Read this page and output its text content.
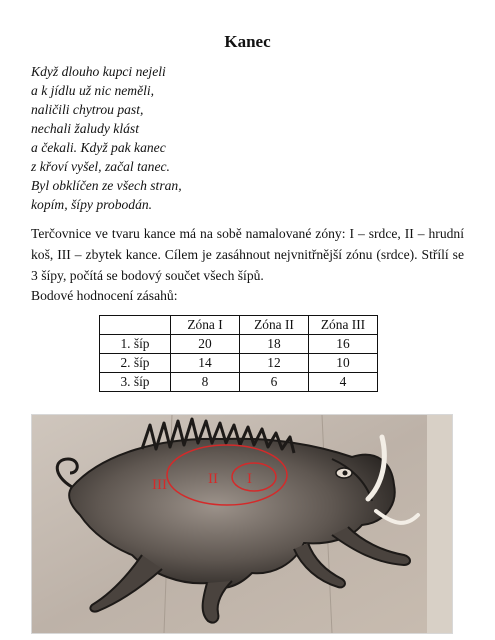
Kanec
Když dlouho kupci nejeli
a k jídlu už nic neměli,
naličili chytrou past,
nechali žaludy klást
a čekali. Když pak kanec
z křoví vyšel, začal tanec.
Byl obklíčen ze všech stran,
kopím, šípy probodán.
Terčovnice ve tvaru kance má na sobě namalované zóny: I – srdce, II – hrudní koš, III – zbytek kance. Cílem je zasáhnout nejvnitřnější zónu (srdce). Střílí se 3 šípy, počítá se bodový součet všech šípů.
Bodové hodnocení zásahů:
	Zóna I	Zóna II	Zóna III
1. šíp	20	18	16
2. šíp	14	12	10
3. šíp	8	6	4
III	II I
